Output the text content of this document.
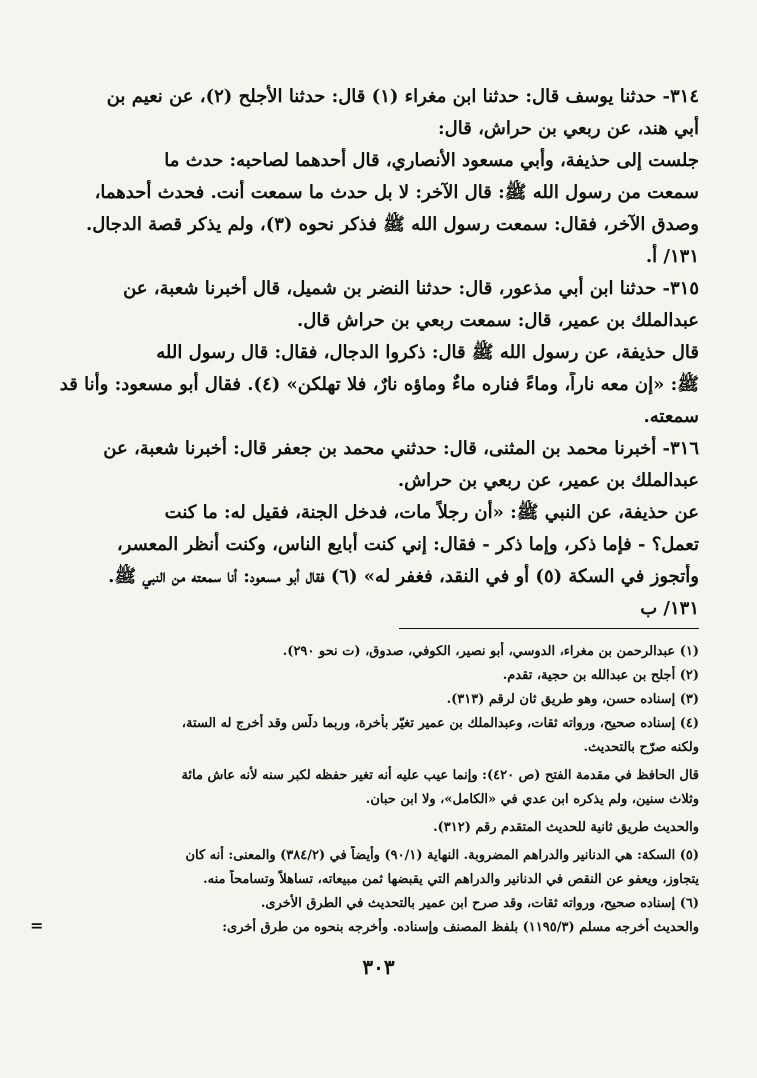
٣١٤- حدثنا يوسف قال: حدثنا ابن مغراء (١) قال: حدثنا الأجلح (٢)، عن نعيم بن
أبي هند، عن ربعي بن حراش، قال:
جلست إلى حذيفة، وأبي مسعود الأنصاري، قال أحدهما لصاحبه: حدث ما
سمعت من رسول الله ﷺ: قال الآخر: لا بل حدث ما سمعت أنت. فحدث أحدهما،
وصدق الآخر، فقال: سمعت رسول الله ﷺ فذكر نحوه (٣)، ولم يذكر قصة الدجال.
١٣١/ أ.
٣١٥- حدثنا ابن أبي مذعور، قال: حدثنا النضر بن شميل، قال أخبرنا شعبة، عن
عبدالملك بن عمير، قال: سمعت ربعي بن حراش قال.
قال حذيفة، عن رسول الله ﷺ قال: ذكروا الدجال، فقال: قال رسول الله
ﷺ: «إن معه ناراً، وماءً فناره ماءٌ وماؤه نارٌ، فلا تهلكن» (٤). فقال أبو مسعود: وأنا قد
سمعته.
٣١٦- أخبرنا محمد بن المثنى، قال: حدثني محمد بن جعفر قال: أخبرنا شعبة، عن
عبدالملك بن عمير، عن ربعي بن حراش.
عن حذيفة، عن النبي ﷺ: «أن رجلاً مات، فدخل الجنة، فقيل له: ما كنت
تعمل؟ - فإما ذكر، وإما ذكر - فقال: إني كنت أبايع الناس، وكنت أنظر المعسر،
وأتجوز في السكة (٥) أو في النقد، فغفر له» (٦) فقال أبو مسعود: أنا سمعته من النبي ﷺ.
١٣١/ ب
(١) عبدالرحمن بن مغراء، الدوسي، أبو نصير، الكوفي، صدوق، (ت نحو ٢٩٠).
(٢) أجلح بن عبدالله بن حجية، تقدم.
(٣) إسناده حسن، وهو طريق ثان لرقم (٣١٣).
(٤) إسناده صحيح، ورواته ثقات، وعبدالملك بن عمير تغيّر بأخرة، وربما دلّس وقد أخرج له الستة،
ولكنه صرّح بالتحديث.
قال الحافظ في مقدمة الفتح (ص ٤٢٠): وإنما عيب عليه أنه تغير حفظه لكبر سنه لأنه عاش مائة
وثلاث سنين، ولم يذكره ابن عدي في «الكامل»، ولا ابن حبان.
والحديث طريق ثانية للحديث المتقدم رقم (٣١٢).
(٥) السكة: هي الدنانير والدراهم المضروبة. النهاية (٩٠/١) وأيضاً في (٣٨٤/٢) والمعنى: أنه كان
يتجاوز، ويعفو عن النقص في الدنانير والدراهم التي يقبضها ثمن مبيعاته، تساهلاً وتسامحاً منه.
(٦) إسناده صحيح، ورواته ثقات، وقد صرح ابن عمير بالتحديث في الطرق الأخرى.
والحديث أخرجه مسلم (١١٩٥/٣) بلفظ المصنف وإسناده. وأخرجه بنحوه من طرق أخرى:
=
٣٠٣
